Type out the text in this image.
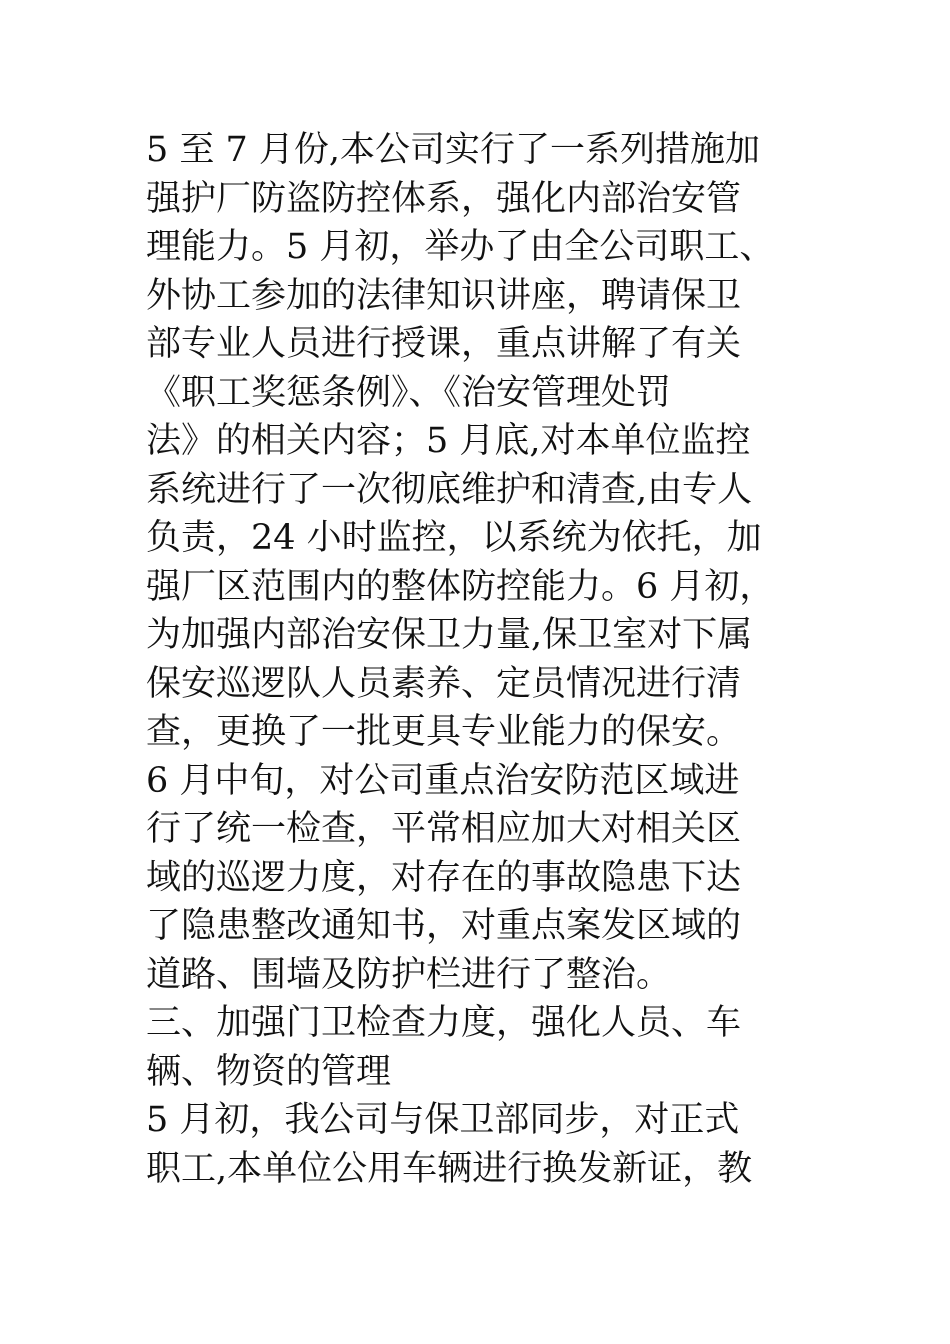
5 至 7 月份,本公司实行了一系列措施加
强护厂防盗防控体系，强化内部治安管
理能力。5 月初，举办了由全公司职工、
外协工参加的法律知识讲座，聘请保卫
部专业人员进行授课，重点讲解了有关
《职工奖惩条例》、《治安管理处罚
法》的相关内容；5 月底,对本单位监控
系统进行了一次彻底维护和清查,由专人
负责，24 小时监控，以系统为依托，加
强厂区范围内的整体防控能力。6 月初，
为加强内部治安保卫力量,保卫室对下属
保安巡逻队人员素养、定员情况进行清
查，更换了一批更具专业能力的保安。
6 月中旬，对公司重点治安防范区域进
行了统一检查，平常相应加大对相关区
域的巡逻力度，对存在的事故隐患下达
了隐患整改通知书，对重点案发区域的
道路、围墙及防护栏进行了整治。
三、加强门卫检查力度，强化人员、车
辆、物资的管理
5 月初，我公司与保卫部同步，对正式
职工,本单位公用车辆进行换发新证，教
